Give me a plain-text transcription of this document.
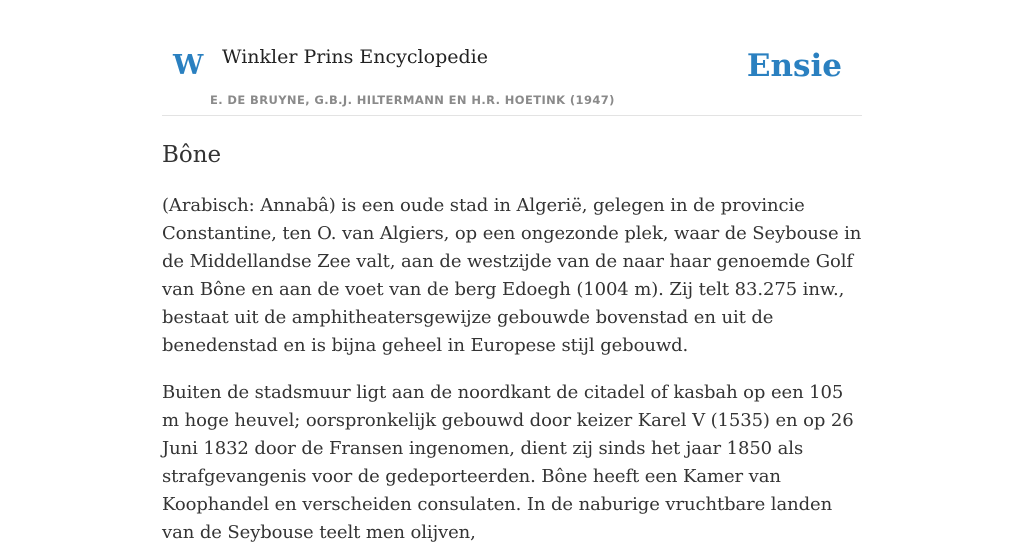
W Winkler Prins Encyclopedie
E. DE BRUYNE, G.B.J. HILTERMANN EN H.R. HOETINK (1947)
Ensie
Bône

(Arabisch: Annabâ) is een oude stad in Algerië, gelegen in de provincie Constantine, ten O. van Algiers, op een ongezonde plek, waar de Seybouse in de Middellandse Zee valt, aan de westzijde van de naar haar genoemde Golf van Bône en aan de voet van de berg Edoegh (1004 m). Zij telt 83.275 inw., bestaat uit de amphitheatersgewijze gebouwde bovenstad en uit de benedenstad en is bijna geheel in Europese stijl gebouwd.

Buiten de stadsmuur ligt aan de noordkant de citadel of kasbah op een 105 m hoge heuvel; oorspronkelijk gebouwd door keizer Karel V (1535) en op 26 Juni 1832 door de Fransen ingenomen, dient zij sinds het jaar 1850 als strafgevangenis voor de gedeporteerden. Bône heeft een Kamer van Koophandel en verscheiden consulaten. In de naburige vruchtbare landen van de Seybouse teelt men olijven,
